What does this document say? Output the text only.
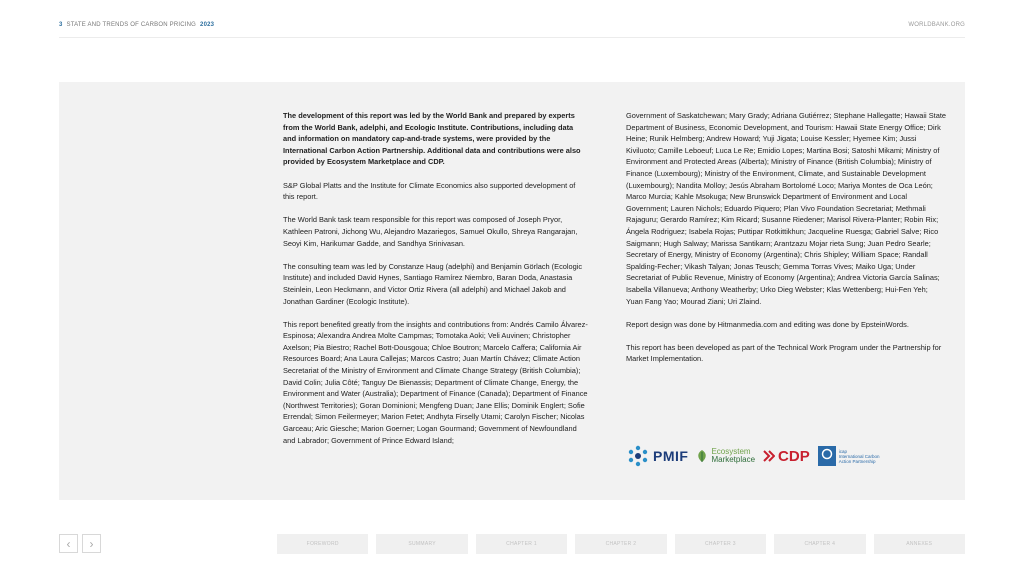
3 STATE AND TRENDS OF CARBON PRICING 2023	WORLDBANK.ORG

The development of this report was led by the World Bank and prepared by experts from the World Bank, adelphi, and Ecologic Institute. Contributions, including data and information on mandatory cap-and-trade systems, were provided by the International Carbon Action Partnership. Additional data and contributions were also provided by Ecosystem Marketplace and CDP.

S&P Global Platts and the Institute for Climate Economics also supported development of this report.

The World Bank task team responsible for this report was composed of Joseph Pryor, Kathleen Patroni, Jichong Wu, Alejandro Mazariegos, Samuel Okullo, Shreya Rangarajan, Seoyi Kim, Harikumar Gadde, and Sandhya Srinivasan.

The consulting team was led by Constanze Haug (adelphi) and Benjamin Görlach (Ecologic Institute) and included David Hynes, Santiago Ramírez Niembro, Baran Doda, Anastasia Steinlein, Leon Heckmann, and Victor Ortiz Rivera (all adelphi) and Michael Jakob and Jonathan Gardiner (Ecologic Institute).

This report benefited greatly from the insights and contributions from: Andrés Camilo Álvarez-Espinosa; Alexandra Andrea Molte Campmas; Tomotaka Aoki; Veli Auvinen; Christopher Axelson; Pia Biestro; Rachel Bott-Dousgoua; Chloe Boutron; Marcelo Caffera; California Air Resources Board; Ana Laura Callejas; Marcos Castro; Juan Martín Chávez; Climate Action Secretariat of the Ministry of Environment and Climate Change Strategy (British Columbia); David Colin; Julia Côté; Tanguy De Bienassis; Department of Climate Change, Energy, the Environment and Water (Australia); Department of Finance (Canada); Department of Finance (Northwest Territories); Goran Dominioni; Mengfeng Duan; Jane Ellis; Dominik Englert; Sofie Errendal; Simon Feilermeyer; Marion Fetet; Andhyta Firselly Utami; Carolyn Fischer; Nicolas Garceau; Aric Giesche; Marion Goerner; Logan Gourmand; Government of Newfoundland and Labrador; Government of Prince Edward Island;

Government of Saskatchewan; Mary Grady; Adriana Gutiérrez; Stephane Hallegatte; Hawaii State Department of Business, Economic Development, and Tourism: Hawaii State Energy Office; Dirk Heine; Runik Helmberg; Andrew Howard; Yuji Jigata; Louise Kessler; Hyemee Kim; Jussi Kiviluoto; Camille Leboeuf; Luca Le Re; Emidio Lopes; Martina Bosi; Satoshi Mikami; Ministry of Environment and Protected Areas (Alberta); Ministry of Finance (British Columbia); Ministry of Finance (Luxembourg); Ministry of the Environment, Climate, and Sustainable Development (Luxembourg); Nandita Molloy; Jesús Abraham Bortolomé Loco; Mariya Montes de Oca León; Marco Murcia; Kahle Msokuga; New Brunswick Department of Environment and Local Government; Lauren Nichols; Eduardo Piquero; Plan Vivo Foundation Secretariat; Methmali Rajaguru; Gerardo Ramírez; Kim Ricard; Susanne Riedener; Marisol Rivera-Planter; Robin Rix; Ángela Rodriguez; Isabela Rojas; Puttipar Rotkittikhun; Jacqueline Ruesga; Gabriel Salve; Rico Saigmann; Hugh Salway; Marissa Santikarn; Arantzazu Mojar rieta Sung; Juan Pedro Searle; Secretary of Energy, Ministry of Economy (Argentina); Chris Shipley; William Space; Randall Spalding-Fecher; Vikash Talyan; Jonas Teusch; Gemma Torras Vives; Maiko Uga; Under Secretariat of Public Revenue, Ministry of Economy (Argentina); Andrea Victoria García Salinas; Isabella Villanueva; Anthony Weatherby; Urko Dieg Webster; Klas Wettenberg; Hui-Fen Yeh; Yuan Fang Yao; Mourad Ziani; Uri Zlaind.

Report design was done by Hitmanmedia.com and editing was done by EpsteinWords.

This report has been developed as part of the Technical Work Program under the Partnership for Market Implementation.

PMIF	Ecosystem
Marketplace CDP	icap
International Carbon
Action Partnership
‹ ›	FOREWORD	SUMMARY	CHAPTER 1	CHAPTER 2	CHAPTER 3	CHAPTER 4	ANNEXES
